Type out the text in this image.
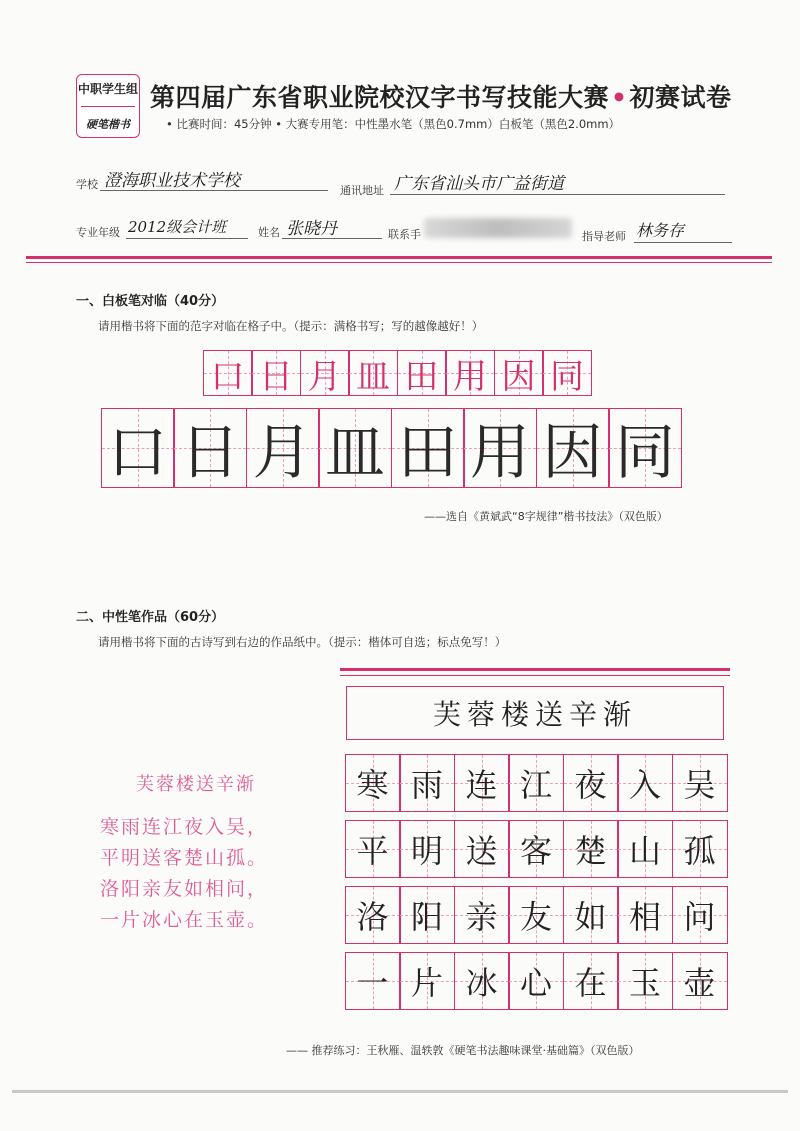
中职学生组
硬笔楷书
第四届广东省职业院校汉字书写技能大赛•初赛试卷
• 比赛时间：45分钟 • 大赛专用笔：中性墨水笔（黑色0.7mm）白板笔（黑色2.0mm）
学校 澄海职业技术学校	通讯地址 广东省汕头市广益街道
专业年级 2012级会计班	姓名 张晓丹	联系手	指导老师 林务存
一、白板笔对临（40分）
请用楷书将下面的范字对临在格子中。（提示：满格书写；写的越像越好！）
口 日 月 皿 田 用 因 同
口 日 月 皿 田 用 因 同
——选自《黄斌武“8字规律”楷书技法》（双色版）
二、中性笔作品（60分）
请用楷书将下面的古诗写到右边的作品纸中。（提示：楷体可自选；标点免写！）
芙蓉楼送辛渐
寒雨连江夜入吴，
平明送客楚山孤。
洛阳亲友如相问，
一片冰心在玉壶。
芙蓉楼送辛渐
寒 雨 连 江 夜 入 吴
平 明 送 客 楚 山 孤
洛 阳 亲 友 如 相 问
一 片 冰 心 在 玉 壶
—— 推荐练习：王秋雁、温轶敦《硬笔书法趣味课堂·基础篇》（双色版）
